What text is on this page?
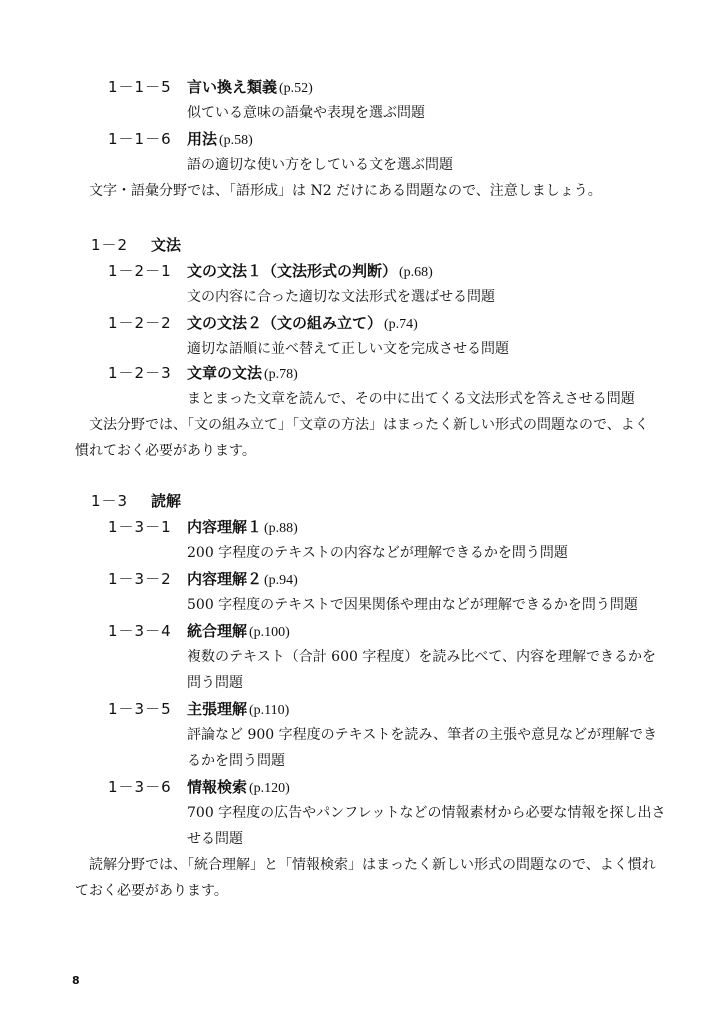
1－1－5	言い換え類義 (p.52)
似ている意味の語彙や表現を選ぶ問題
1－1－6	用法 (p.58)
語の適切な使い方をしている文を選ぶ問題
文字・語彙分野では、「語形成」は N2 だけにある問題なので、注意しましょう。
1－2 文法
1－2－1	文の文法１（文法形式の判断） (p.68)
文の内容に合った適切な文法形式を選ばせる問題
1－2－2	文の文法２（文の組み立て） (p.74)
適切な語順に並べ替えて正しい文を完成させる問題
1－2－3	文章の文法 (p.78)
まとまった文章を読んで、その中に出てくる文法形式を答えさせる問題
文法分野では、「文の組み立て」「文章の方法」はまったく新しい形式の問題なので、よく
慣れておく必要があります。
1－3 読解
1－3－1	内容理解１ (p.88)
200 字程度のテキストの内容などが理解できるかを問う問題
1－3－2	内容理解２ (p.94)
500 字程度のテキストで因果関係や理由などが理解できるかを問う問題
1－3－4	統合理解 (p.100)
複数のテキスト（合計 600 字程度）を読み比べて、内容を理解できるかを
問う問題
1－3－5	主張理解 (p.110)
評論など 900 字程度のテキストを読み、筆者の主張や意見などが理解でき
るかを問う問題
1－3－6	情報検索 (p.120)
700 字程度の広告やパンフレットなどの情報素材から必要な情報を探し出さ
せる問題
読解分野では、「統合理解」と「情報検索」はまったく新しい形式の問題なので、よく慣れ
ておく必要があります。
8
